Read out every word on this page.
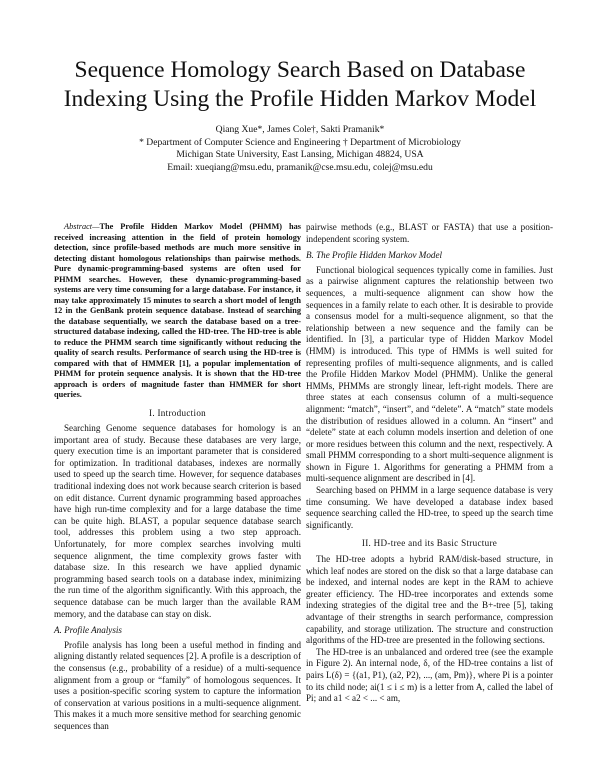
Sequence Homology Search Based on Database
Indexing Using the Profile Hidden Markov Model
Qiang Xue*, James Cole†, Sakti Pramanik*
* Department of Computer Science and Engineering † Department of Microbiology
Michigan State University, East Lansing, Michigan 48824, USA
Email: xueqiang@msu.edu, pramanik@cse.msu.edu, colej@msu.edu

Abstract—The Profile Hidden Markov Model (PHMM) has received increasing attention in the field of protein homology detection, since profile-based methods are much more sensitive in detecting distant homologous relationships than pairwise methods. Pure dynamic-programming-based systems are often used for PHMM searches. However, these dynamic-programming-based systems are very time consuming for a large database. For instance, it may take approximately 15 minutes to search a short model of length 12 in the GenBank protein sequence database. Instead of searching the database sequentially, we search the database based on a tree-structured database indexing, called the HD-tree. The HD-tree is able to reduce the PHMM search time significantly without reducing the quality of search results. Performance of search using the HD-tree is compared with that of HMMER [1], a popular implementation of PHMM for protein sequence analysis. It is shown that the HD-tree approach is orders of magnitude faster than HMMER for short queries.

I. Introduction

Searching Genome sequence databases for homology is an important area of study. Because these databases are very large, query execution time is an important parameter that is considered for optimization. In traditional databases, indexes are normally used to speed up the search time. However, for sequence databases traditional indexing does not work because search criterion is based on edit distance. Current dynamic programming based approaches have high run-time complexity and for a large database the time can be quite high. BLAST, a popular sequence database search tool, addresses this problem using a two step approach. Unfortunately, for more complex searches involving multi sequence alignment, the time complexity grows faster with database size. In this research we have applied dynamic programming based search tools on a database index, minimizing the run time of the algorithm significantly. With this approach, the sequence database can be much larger than the available RAM memory, and the database can stay on disk.

A. Profile Analysis

Profile analysis has long been a useful method in finding and aligning distantly related sequences [2]. A profile is a description of the consensus (e.g., probability of a residue) of a multi-sequence alignment from a group or “family” of homologous sequences. It uses a position-specific scoring system to capture the information of conservation at various positions in a multi-sequence alignment. This makes it a much more sensitive method for searching genomic sequences than

pairwise methods (e.g., BLAST or FASTA) that use a position-independent scoring system.

B. The Profile Hidden Markov Model

Functional biological sequences typically come in families. Just as a pairwise alignment captures the relationship between two sequences, a multi-sequence alignment can show how the sequences in a family relate to each other. It is desirable to provide a consensus model for a multi-sequence alignment, so that the relationship between a new sequence and the family can be identified. In [3], a particular type of Hidden Markov Model (HMM) is introduced. This type of HMMs is well suited for representing profiles of multi-sequence alignments, and is called the Profile Hidden Markov Model (PHMM). Unlike the general HMMs, PHMMs are strongly linear, left-right models. There are three states at each consensus column of a multi-sequence alignment: “match”, “insert”, and “delete”. A “match” state models the distribution of residues allowed in a column. An “insert” and “delete” state at each column models insertion and deletion of one or more residues between this column and the next, respectively. A small PHMM corresponding to a short multi-sequence alignment is shown in Figure 1. Algorithms for generating a PHMM from a multi-sequence alignment are described in [4].

Searching based on PHMM in a large sequence database is very time consuming. We have developed a database index based sequence searching called the HD-tree, to speed up the search time significantly.

II. HD-tree and its Basic Structure

The HD-tree adopts a hybrid RAM/disk-based structure, in which leaf nodes are stored on the disk so that a large database can be indexed, and internal nodes are kept in the RAM to achieve greater efficiency. The HD-tree incorporates and extends some indexing strategies of the digital tree and the B+-tree [5], taking advantage of their strengths in search performance, compression capability, and storage utilization. The structure and construction algorithms of the HD-tree are presented in the following sections.

The HD-tree is an unbalanced and ordered tree (see the example in Figure 2). An internal node, δ, of the HD-tree contains a list of pairs L(δ) = {(a1, P1), (a2, P2), ..., (am, Pm)}, where Pi is a pointer to its child node; ai(1 ≤ i ≤ m) is a letter from A, called the label of Pi; and a1 < a2 < ... < am,
